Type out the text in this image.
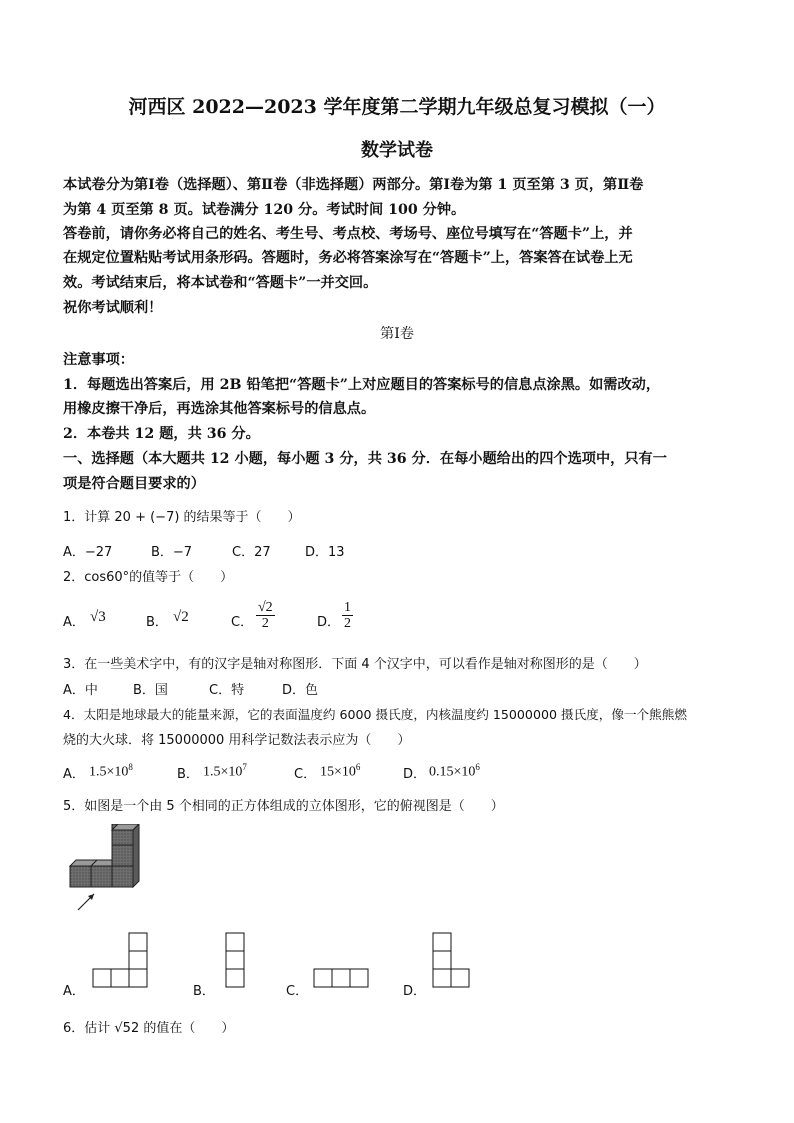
河西区 2022—2023 学年度第二学期九年级总复习模拟（一）
数学试卷
本试卷分为第Ⅰ卷（选择题）、第Ⅱ卷（非选择题）两部分。第Ⅰ卷为第 1 页至第 3 页，第Ⅱ卷
为第 4 页至第 8 页。试卷满分 120 分。考试时间 100 分钟。
答卷前，请你务必将自己的姓名、考生号、考点校、考场号、座位号填写在“答题卡”上，并
在规定位置粘贴考试用条形码。答题时，务必将答案涂写在“答题卡”上，答案答在试卷上无
效。考试结束后，将本试卷和“答题卡”一并交回。
祝你考试顺利！
第Ⅰ卷
注意事项：
1．每题选出答案后，用 2B 铅笔把“答题卡”上对应题目的答案标号的信息点涂黑。如需改动，
用橡皮擦干净后，再选涂其他答案标号的信息点。
2．本卷共 12 题，共 36 分。
一、选择题（本大题共 12 小题，每小题 3 分，共 36 分．在每小题给出的四个选项中，只有一
项是符合题目要求的）
1．计算 20 + (−7) 的结果等于（　　）
A．−27	B．−7	C．27	D．13
2．cos60°的值等于（　　）
A． √3	B． √2	C． $\frac{√2}{2}$	D． $\frac{1}{2}$
3．在一些美术字中，有的汉字是轴对称图形．下面 4 个汉字中，可以看作是轴对称图形的是（　　）
A．中	B．国	C．特	D．色
4．太阳是地球最大的能量来源，它的表面温度约 6000 摄氏度，内核温度约 15000000 摄氏度，像一个熊熊燃
烧的大火球．将 15000000 用科学记数法表示应为（　　）
A． $1.5\times 10^8$	B． $1.5\times 10^7$	C． $15\times 10^6$	D． $0.15\times 10^6$
5．如图是一个由 5 个相同的正方体组成的立体图形，它的俯视图是（　　）
A．	B．	C．	D．
6．估计 √52 的值在（　　）
